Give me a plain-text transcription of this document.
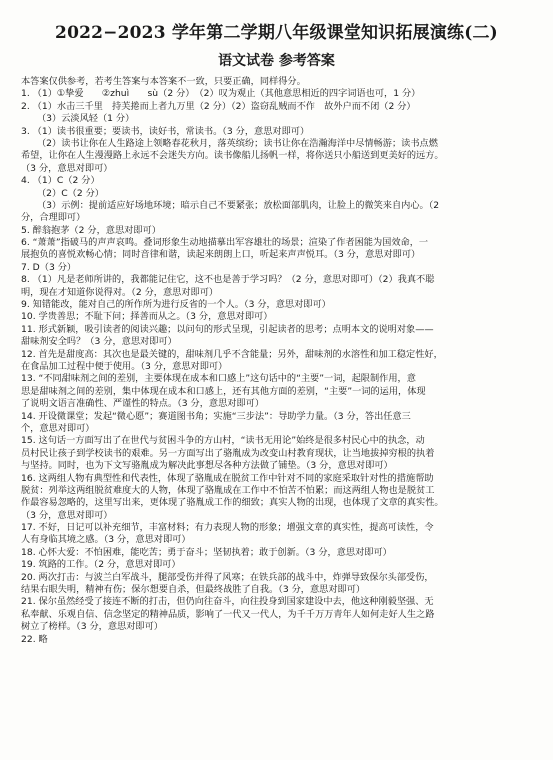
2022−2023 学年第二学期八年级课堂知识拓展演练(二)
语文试卷 参考答案
本答案仅供参考，若考生答案与本答案不一致，只要正确，同样得分。
1. （1）①挚爱　　②zhuì　　sù（2 分）　（2）叹为观止（其他意思相近的四字词语也可，1 分）
2. （1）水击三千里　持芙捲而上者九万里（2 分）（2）盗窃乱贼而不作　故外户而不闭（2 分）
（3）云淡风轻（1 分）
3. （1）读书很重要；要读书，读好书，常读书。（3 分，意思对即可）
（2）读书让你在人生路途上领略春花秋月，落英缤纷；读书让你在浩瀚海洋中尽情畅游；读书点燃
希望，让你在人生漫漫路上永远不会迷失方向。读书像船儿扬帆一样，将你送只小船送到更美好的远方。
（3 分，意思对即可）
4. （1）C（2 分）
（2）C（2 分）
（3）示例：提前适应好场地环境；暗示自己不要紧张；放松面部肌肉，让脸上的微笑来自内心。（2
分，合理即可）
5. 醉翁抱茅（2 分，意思对即可）
6. “萧萧”指破马的声声哀鸣。叠词形象生动地描摹出军容雄壮的场景；渲染了作者困能为国效命，一
展抱负的喜悦欢畅心情；同时音律和谐，读起来朗朗上口，听起来声声悦耳。（3 分，意思对即可）
7. D（3 分）
8. （1）凡是老师所讲的，我都能记住它，这不也是善于学习吗？（2 分，意思对即可）（2）我真不聪
明，现在才知道你说得对。（2 分，意思对即可）
9. 知错能改，能对自己的所作所为进行反省的一个人。（3 分，意思对即可）
10. 学贵善思；不耻下问；择善而从之。（3 分，意思对即可）
11. 形式新颖，吸引读者的阅读兴趣；以问句的形式呈现，引起读者的思考；点明本文的说明对象——
甜味剂安全吗？（3 分，意思对即可）
12. 首先是甜度高：其次也是最关键的，甜味剂几乎不含能量；另外，甜味剂的水溶性和加工稳定性好，
在食品加工过程中便于使用。（3 分，意思对即可）
13. “不同甜味剂之间的差别，主要体现在成本和口感上”这句话中的“主要”一词，起限制作用，意
思是甜味剂之间的差别，集中体现在成本和口感上，还有其他方面的差别，“主要”一词的运用，体现
了说明文语言准确性、严谨性的特点。（3 分，意思对即可）
14. 开设微课堂；发起“微心愿”；赛道图书角；实施“三步法”：导助学力量。（3 分，答出任意三
个，意思对即可）
15. 这句话一方面写出了在世代与贫困斗争的方山村，“读书无用论”始终是很多村民心中的执念，动
员村民让孩子到学校读书的艰难。另一方面写出了骆胤成为改变山村教育现状，让当地拔掉穷根的执着
与坚持。同时，也为下文写骆胤成为解决此事想尽各种方法做了铺垫。（3 分，意思对即可）
16. 这两组人物有典型性和代表性，体现了骆胤成在脱贫工作中针对不同的家庭采取针对性的措施帮助
脱贫：列举这两组脱贫难度大的人物，体现了骆胤成在工作中不怕苦不怕累；而这两组人物也是脱贫工
作最容易忽略的，这里写出来，更体现了骆胤成工作的细致；真实人物的出现，也体现了文章的真实性。
（3 分，意思对即可）
17. 不好，日记可以补充细节，丰富材料；有力表现人物的形象；增强文章的真实性，提高可读性，令
人有身临其境之感。（3 分，意思对即可）
18. 心怀大爱：不怕困难，能吃苦；勇于奋斗；坚韧执着；敢于创新。（3 分，意思对即可）
19. 筑路的工作。（2 分，意思对即可）
20. 两次打击：与波兰白军战斗，腿部受伤并得了风寒；在铁兵部的战斗中，炸弹导致保尔头部受伤，
结果右眼失明，精神有伤；保尔想要自杀，但最终战胜了自我。（3 分，意思对即可）
21. 保尔虽然经受了接连不断的打击，但仍向往奋斗，向往投身到国家建设中去，他这种刚毅坚强、无
私奉献、乐观自信、信念坚定的精神品质，影响了一代又一代人，为千千万万青年人如何走好人生之路
树立了榜样。（3 分，意思对即可）
22. 略
